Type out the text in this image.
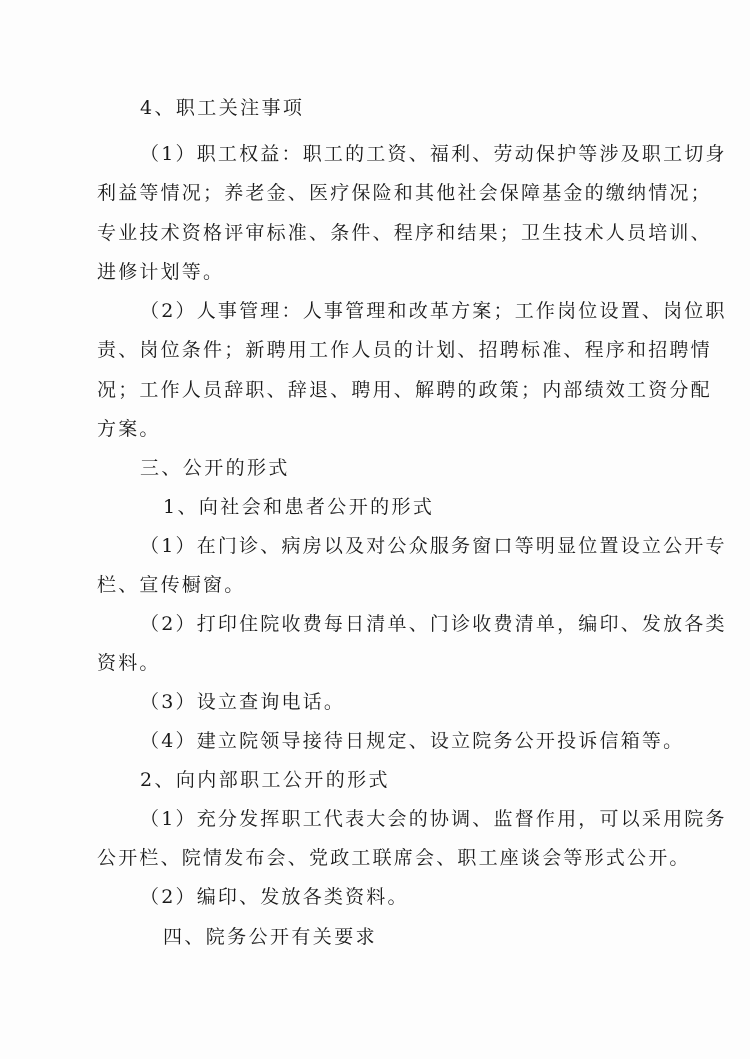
4、职工关注事项
（1）职工权益：职工的工资、福利、劳动保护等涉及职工切身
利益等情况；养老金、医疗保险和其他社会保障基金的缴纳情况；
专业技术资格评审标准、条件、程序和结果；卫生技术人员培训、
进修计划等。
（2）人事管理：人事管理和改革方案；工作岗位设置、岗位职
责、岗位条件；新聘用工作人员的计划、招聘标准、程序和招聘情
况；工作人员辞职、辞退、聘用、解聘的政策；内部绩效工资分配
方案。
三、公开的形式
1、向社会和患者公开的形式
（1）在门诊、病房以及对公众服务窗口等明显位置设立公开专
栏、宣传橱窗。
（2）打印住院收费每日清单、门诊收费清单，编印、发放各类
资料。
（3）设立查询电话。
（4）建立院领导接待日规定、设立院务公开投诉信箱等。
2、向内部职工公开的形式
（1）充分发挥职工代表大会的协调、监督作用，可以采用院务
公开栏、院情发布会、党政工联席会、职工座谈会等形式公开。
（2）编印、发放各类资料。
四、院务公开有关要求
